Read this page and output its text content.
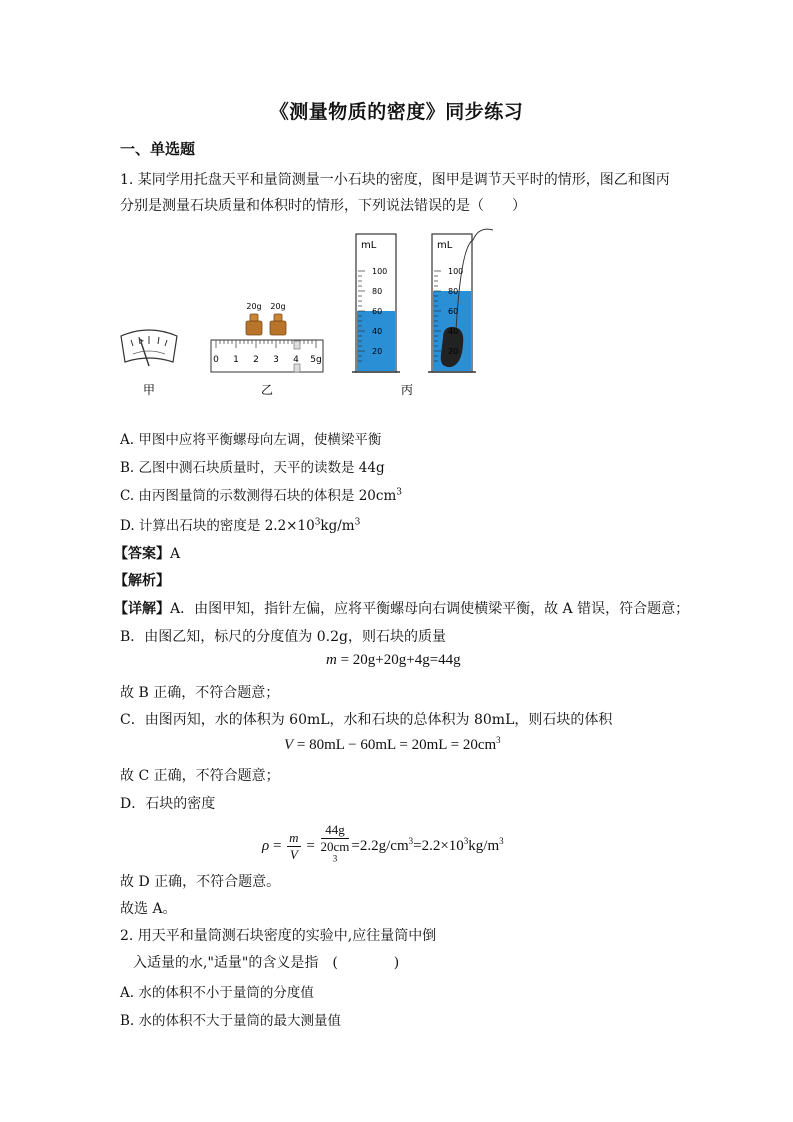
《测量物质的密度》同步练习
一、单选题
1. 某同学用托盘天平和量筒测量一小石块的密度，图甲是调节天平时的情形，图乙和图丙
分别是测量石块质量和体积时的情形，下列说法错误的是（　　）
甲
20g 20g
0 1 2 3 4 5g
乙
mL	mL
100
80
60
40
20
100
80
60
40
20
丙
A. 甲图中应将平衡螺母向左调，使横梁平衡
B. 乙图中测石块质量时，天平的读数是 44g
C. 由丙图量筒的示数测得石块的体积是 $20cm^3$
D. 计算出石块的密度是 $2.2\times 10^3kg/m^3$
【答案】A
【解析】
【详解】A．由图甲知，指针左偏，应将平衡螺母向右调使横梁平衡，故 A 错误，符合题意；
B．由图乙知，标尺的分度值为 0.2g，则石块的质量
m = 20g+20g+4g=44g
故 B 正确，不符合题意；
C．由图丙知，水的体积为 60mL，水和石块的总体积为 80mL，则石块的体积
$V = 80mL - 60mL = 20mL = 20cm^3$
故 C 正确，不符合题意；
D．石块的密度
$\rho = \frac{m}{V} = 44g$
20cm
$^3 =2.2g/cm^3=2.2\times 10^3kg/m^3$
故 D 正确，不符合题意。
故选 A。
2. 用天平和量筒测石块密度的实验中,应往量筒中倒
入适量的水,"适量"的含义是指　(　　　　)
A. 水的体积不小于量筒的分度值
B. 水的体积不大于量筒的最大测量值
